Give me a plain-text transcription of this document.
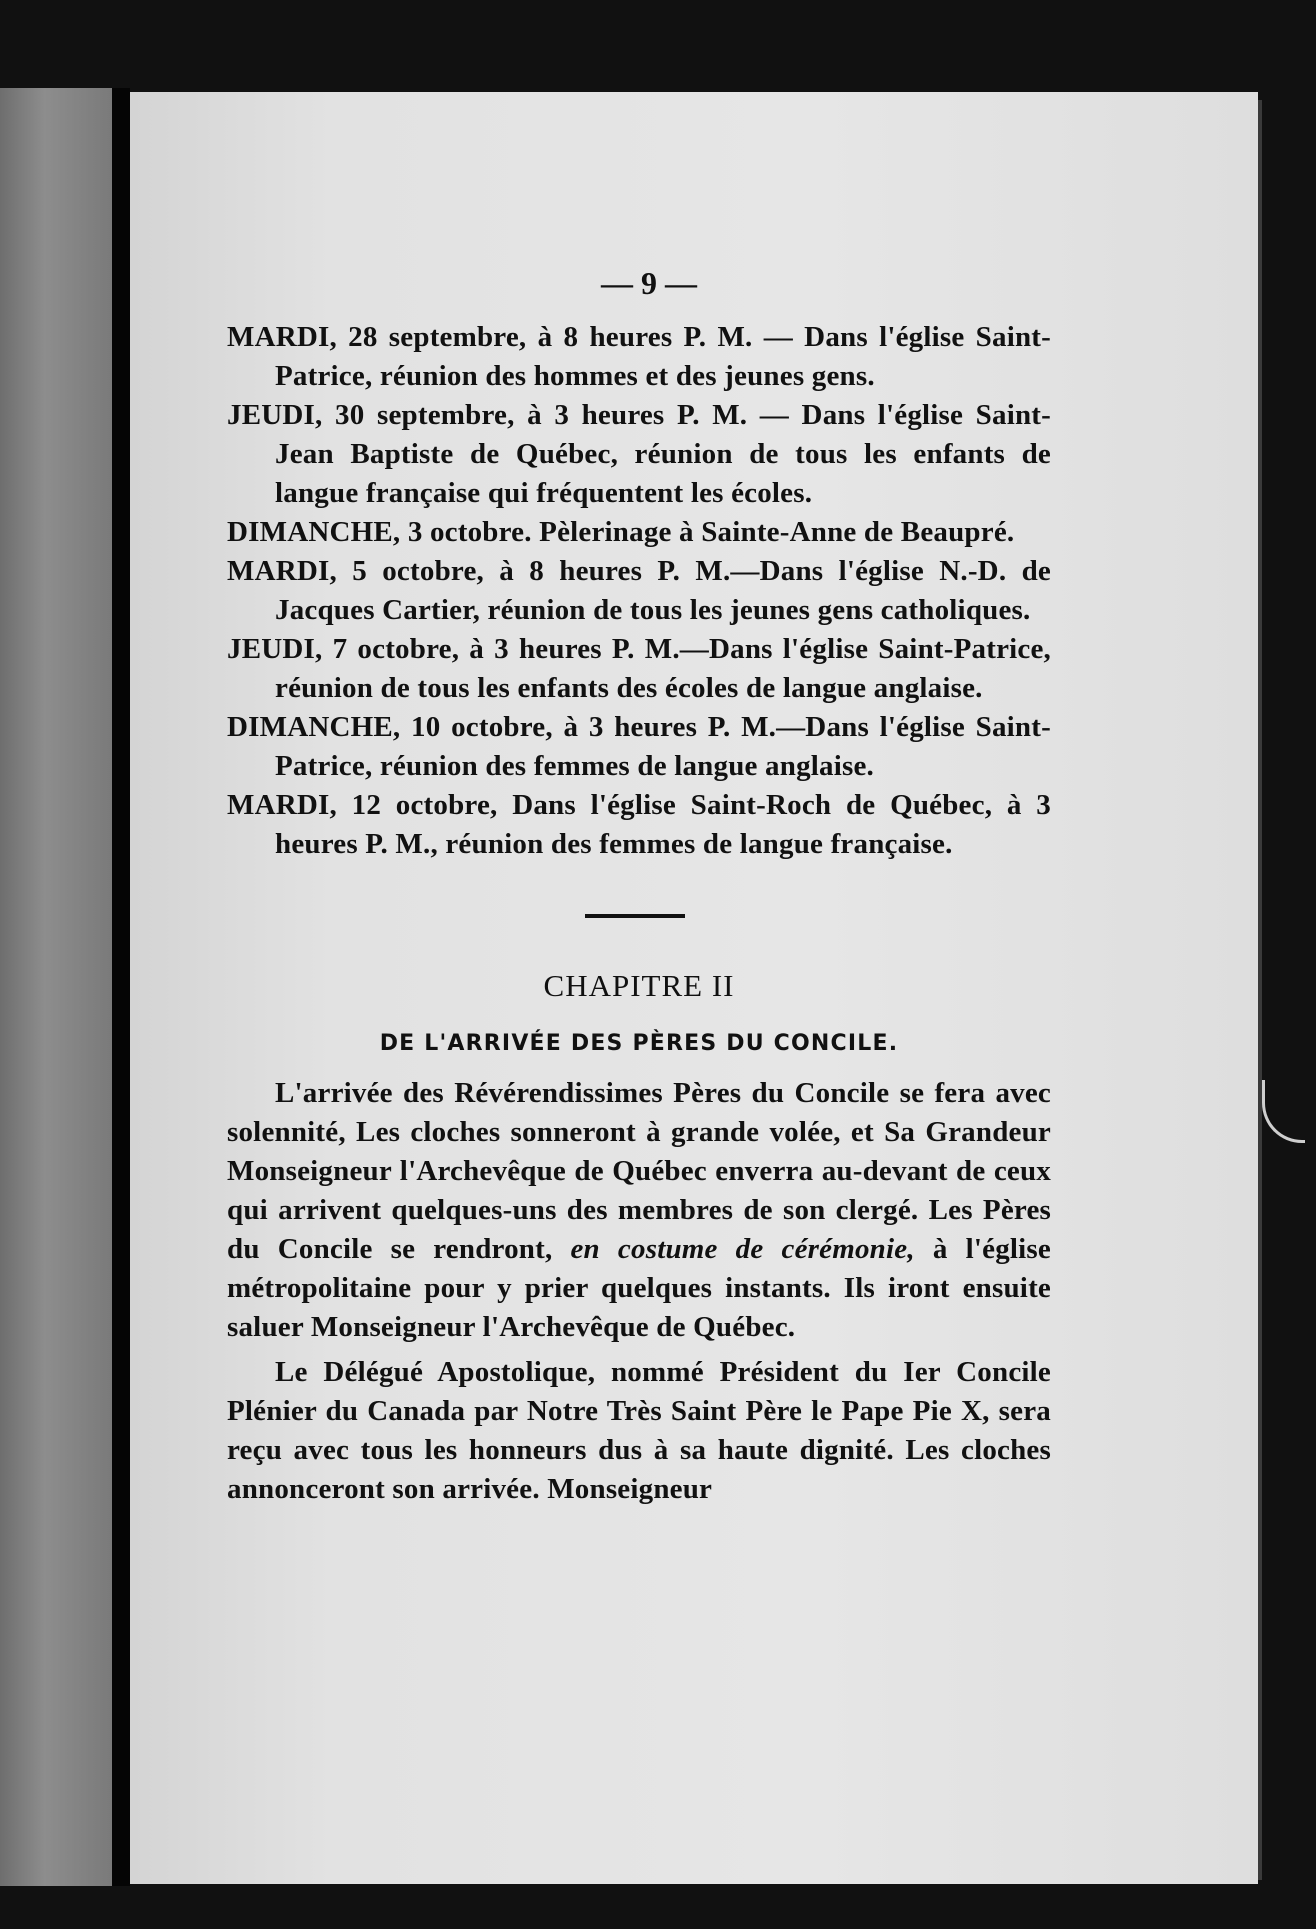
— 9 —

MARDI, 28 septembre, à 8 heures P. M. — Dans l'église Saint-Patrice, réunion des hommes et des jeunes gens.

JEUDI, 30 septembre, à 3 heures P. M. — Dans l'église Saint-Jean Baptiste de Québec, réunion de tous les enfants de langue française qui fréquentent les écoles.

DIMANCHE, 3 octobre. Pèlerinage à Sainte-Anne de Beaupré.

MARDI, 5 octobre, à 8 heures P. M.—Dans l'église N.-D. de Jacques Cartier, réunion de tous les jeunes gens catholiques.

JEUDI, 7 octobre, à 3 heures P. M.—Dans l'église Saint-Patrice, réunion de tous les enfants des écoles de langue anglaise.

DIMANCHE, 10 octobre, à 3 heures P. M.—Dans l'église Saint-Patrice, réunion des femmes de langue anglaise.

MARDI, 12 octobre, Dans l'église Saint-Roch de Québec, à 3 heures P. M., réunion des femmes de langue française.

CHAPITRE II
DE L'ARRIVÉE DES PÈRES DU CONCILE.

L'arrivée des Révérendissimes Pères du Concile se fera avec solennité, Les cloches sonneront à grande volée, et Sa Grandeur Monseigneur l'Archevêque de Québec enverra au-devant de ceux qui arrivent quelques-uns des membres de son clergé. Les Pères du Concile se rendront, en costume de cérémonie, à l'église métropolitaine pour y prier quelques instants. Ils iront ensuite saluer Monseigneur l'Archevêque de Québec.

Le Délégué Apostolique, nommé Président du Ier Concile Plénier du Canada par Notre Très Saint Père le Pape Pie X, sera reçu avec tous les honneurs dus à sa haute dignité. Les cloches annonceront son arrivée. Monseigneur
